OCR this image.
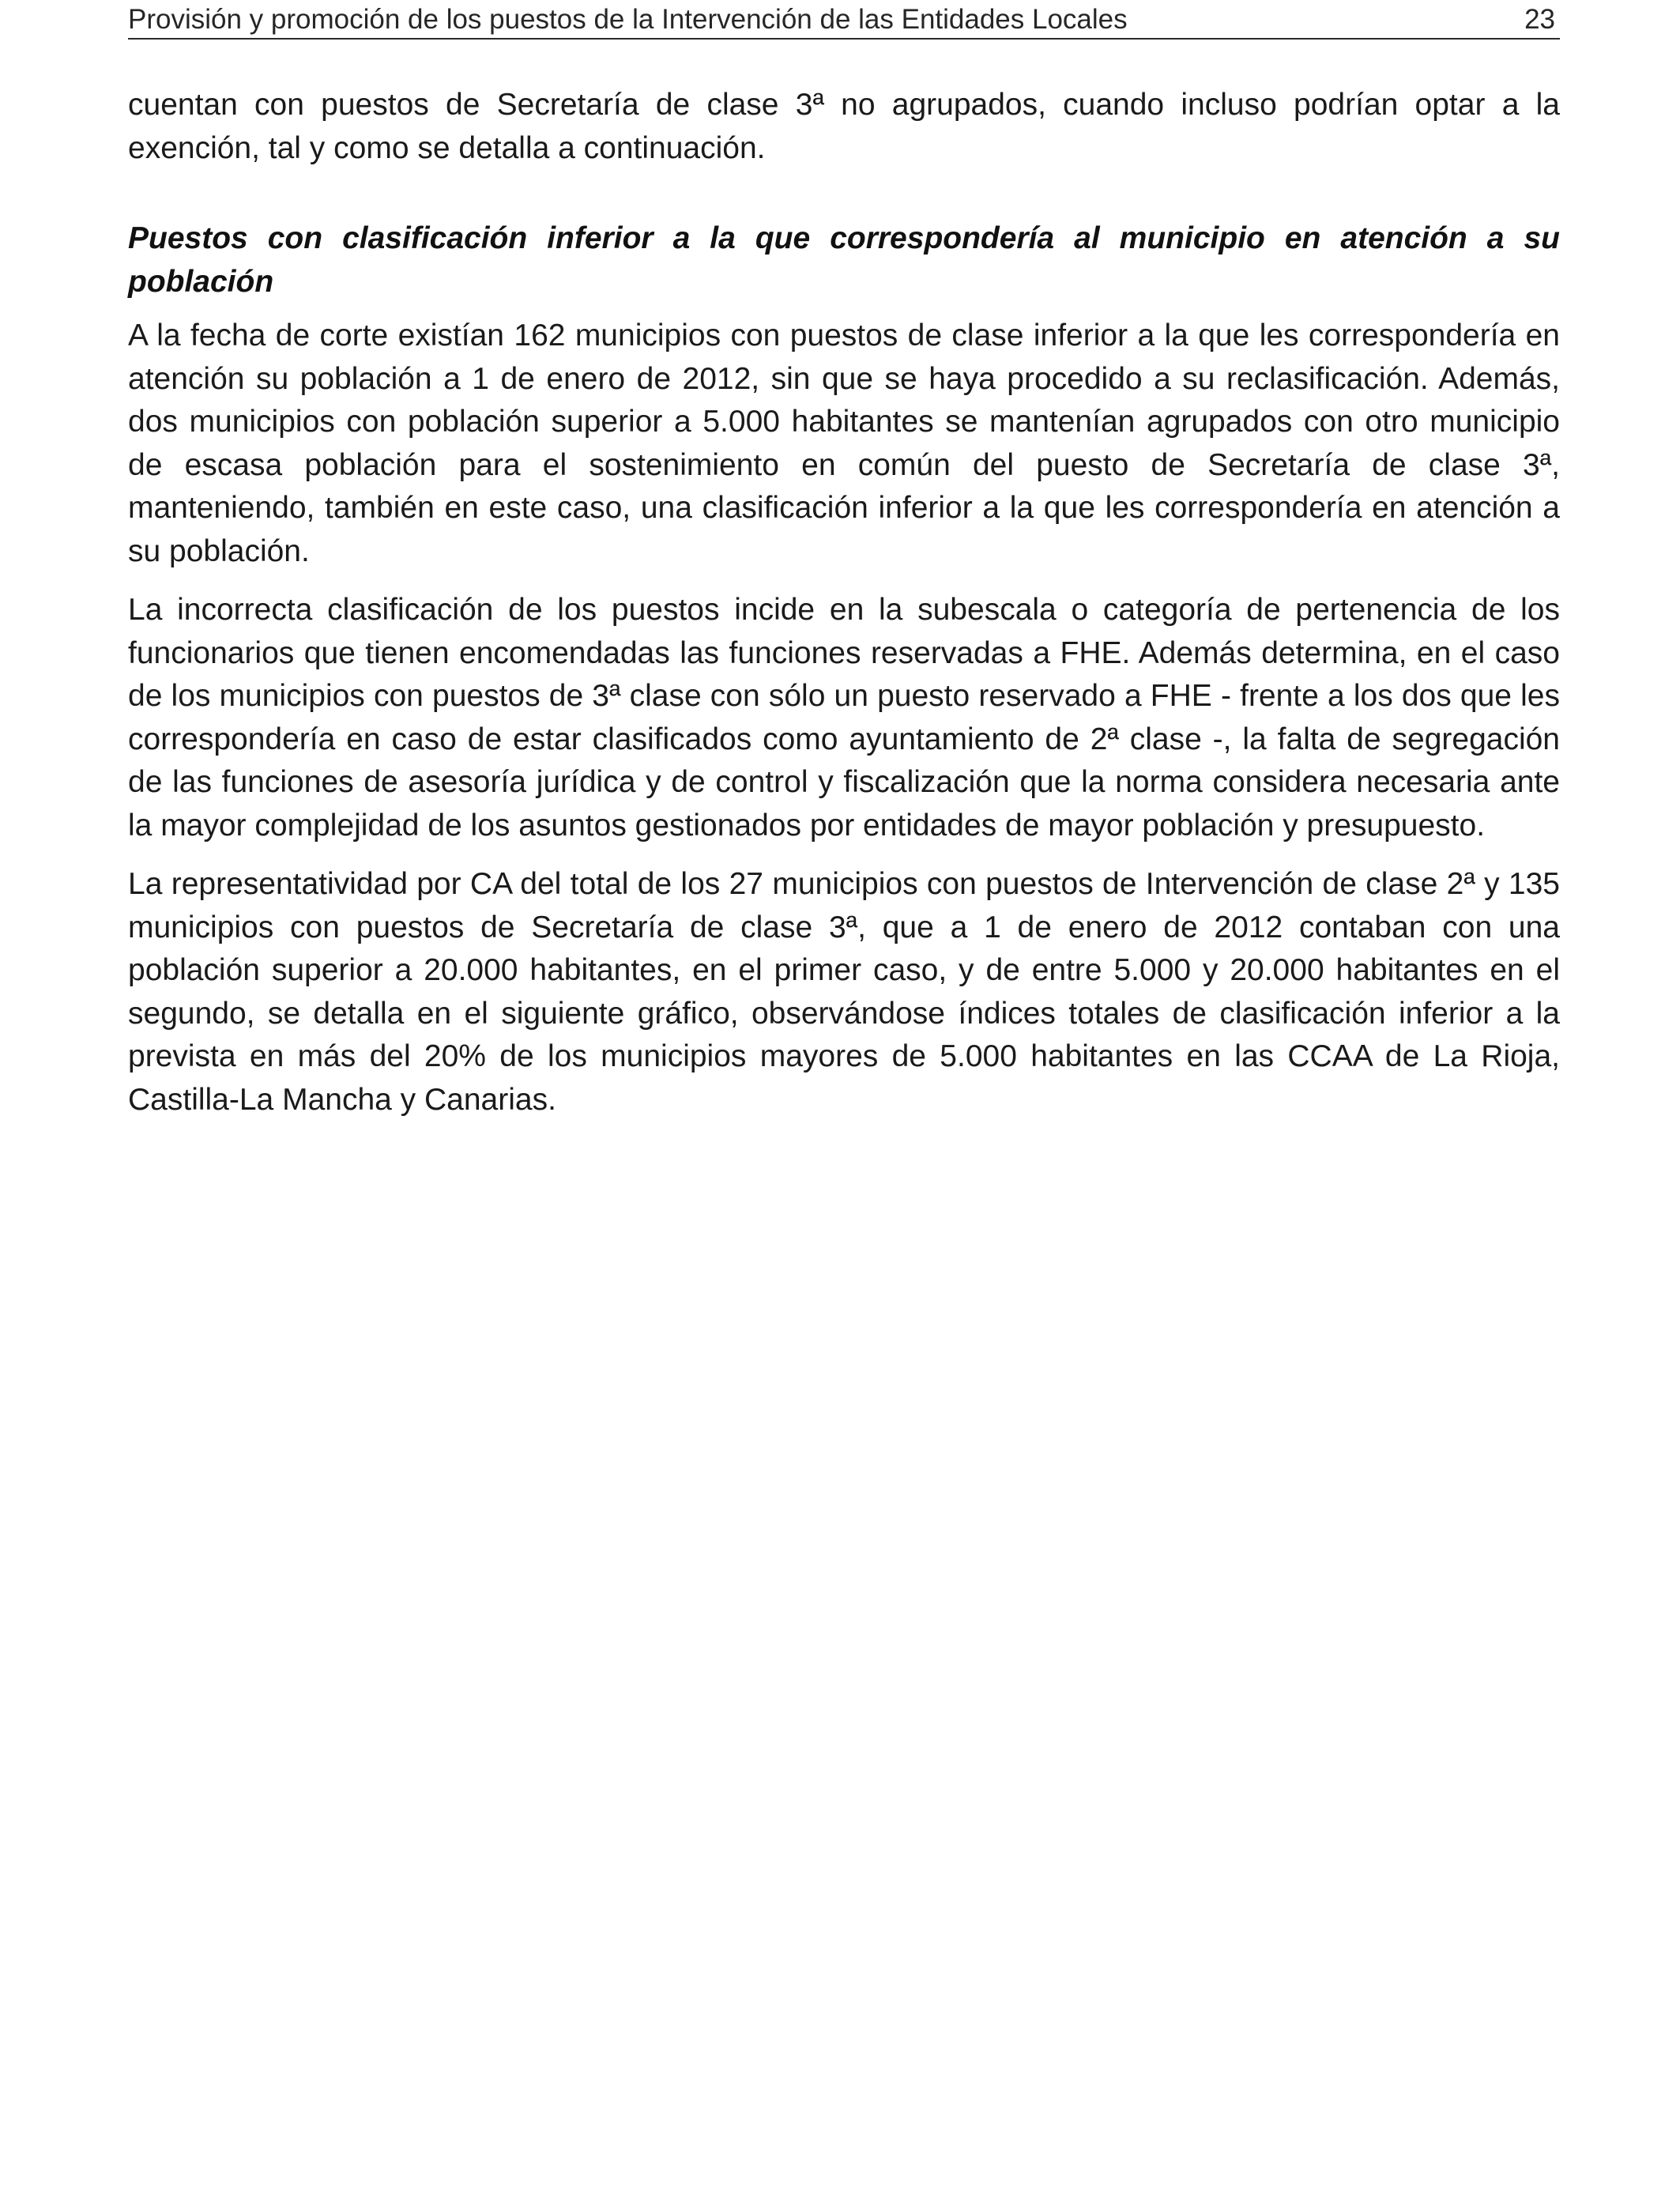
Provisión y promoción de los puestos de la Intervención de las Entidades Locales	23

cuentan con puestos de Secretaría de clase 3ª no agrupados, cuando incluso podrían optar a la exención, tal y como se detalla a continuación.

Puestos con clasificación inferior a la que correspondería al municipio en atención a su población

A la fecha de corte existían 162 municipios con puestos de clase inferior a la que les correspondería en atención su población a 1 de enero de 2012, sin que se haya procedido a su reclasificación. Además, dos municipios con población superior a 5.000 habitantes se mantenían agrupados con otro municipio de escasa población para el sostenimiento en común del puesto de Secretaría de clase 3ª, manteniendo, también en este caso, una clasificación inferior a la que les correspondería en atención a su población.

La incorrecta clasificación de los puestos incide en la subescala o categoría de pertenencia de los funcionarios que tienen encomendadas las funciones reservadas a FHE. Además determina, en el caso de los municipios con puestos de 3ª clase con sólo un puesto reservado a FHE - frente a los dos que les correspondería en caso de estar clasificados como ayuntamiento de 2ª clase -, la falta de segregación de las funciones de asesoría jurídica y de control y fiscalización que la norma considera necesaria ante la mayor complejidad de los asuntos gestionados por entidades de mayor población y presupuesto.

La representatividad por CA del total de los 27 municipios con puestos de Intervención de clase 2ª y 135 municipios con puestos de Secretaría de clase 3ª, que a 1 de enero de 2012 contaban con una población superior a 20.000 habitantes, en el primer caso, y de entre 5.000 y 20.000 habitantes en el segundo, se detalla en el siguiente gráfico, observándose índices totales de clasificación inferior a la prevista en más del 20% de los municipios mayores de 5.000 habitantes en las CCAA de La Rioja, Castilla-La Mancha y Canarias.
